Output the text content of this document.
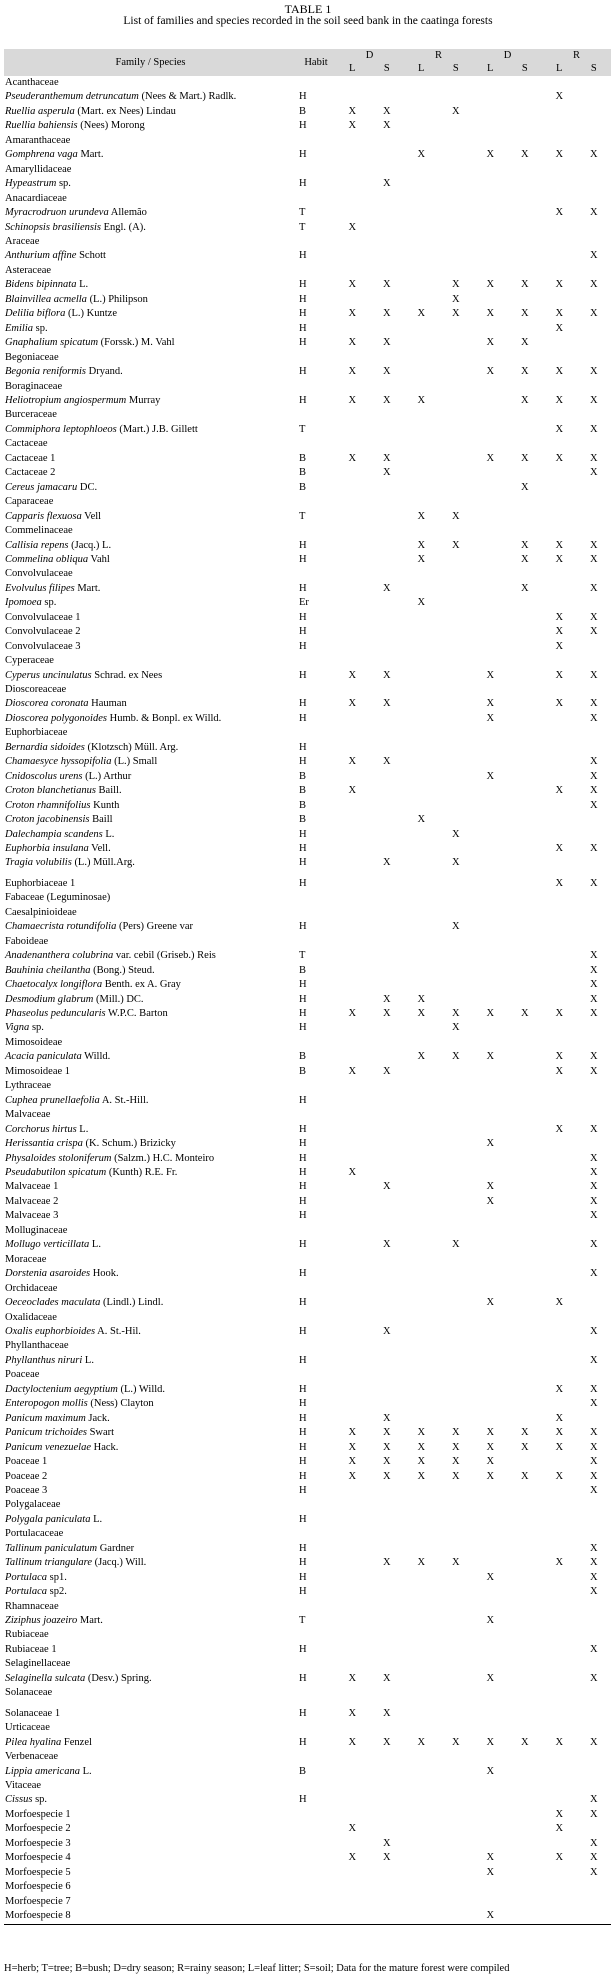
TABLE 1
List of families and species recorded in the soil seed bank in the caatinga forests
Family / Species	Habit	D		R		D		R	
		L	S	L	S	L	S	L	S
Acanthaceae									
Pseuderanthemum detruncatum (Nees & Mart.) Radlk.	H							X	
Ruellia asperula (Mart. ex Nees) Lindau	B	X	X		X				
Ruellia bahiensis (Nees) Morong	H	X	X						
Amaranthaceae									
Gomphrena vaga Mart.	H			X		X	X	X	X
Amaryllidaceae									
Hypeastrum sp.	H		X						
Anacardiaceae									
Myracrodruon urundeva Allemão	T							X	X
Schinopsis brasiliensis Engl. (A).	T	X							
Araceae									
Anthurium affine Schott	H								X
Asteraceae									
Bidens bipinnata L.	H	X	X		X	X	X	X	X
Blainvillea acmella (L.) Philipson	H				X				
Delilia biflora (L.) Kuntze	H	X	X	X	X	X	X	X	X
Emilia sp.	H							X	
Gnaphalium spicatum (Forssk.) M. Vahl	H	X	X			X	X		
Begoniaceae									
Begonia reniformis Dryand.	H	X	X			X	X	X	X
Boraginaceae									
Heliotropium angiospermum Murray	H	X	X	X			X	X	X
Burceraceae									
Commiphora leptophloeos (Mart.) J.B. Gillett	T							X	X
Cactaceae									
Cactaceae 1	B	X	X			X	X	X	X
Cactaceae 2	B		X						X
Cereus jamacaru DC.	B						X		
Caparaceae									
Capparis flexuosa Vell	T			X	X				
Commelinaceae									
Callisia repens (Jacq.) L.	H			X	X		X	X	X
Commelina obliqua Vahl	H			X			X	X	X
Convolvulaceae									
Evolvulus filipes Mart.	H		X				X		X
Ipomoea sp.	Er			X					
Convolvulaceae 1	H							X	X
Convolvulaceae 2	H							X	X
Convolvulaceae 3	H							X	
Cyperaceae									
Cyperus uncinulatus Schrad. ex Nees	H	X	X			X		X	X
Dioscoreaceae									
Dioscorea coronata Hauman	H	X	X			X		X	X
Dioscorea polygonoides Humb. & Bonpl. ex Willd.	H					X			X
Euphorbiaceae									
Bernardia sidoides (Klotzsch) Müll. Arg.	H								
Chamaesyce hyssopifolia (L.) Small	H	X	X						X
Cnidoscolus urens (L.) Arthur	B					X			X
Croton blanchetianus Baill.	B	X						X	X
Croton rhamnifolius Kunth	B								X
Croton jacobinensis Baill	B			X					
Dalechampia scandens L.	H				X				
Euphorbia insulana Vell.	H							X	X
Tragia volubilis (L.) Müll.Arg.	H		X		X				

Euphorbiaceae 1	H							X	X
Fabaceae (Leguminosae)									
Caesalpinioideae									
Chamaecrista rotundifolia (Pers) Greene var	H				X				
Faboideae									
Anadenanthera colubrina var. cebil (Griseb.) Reis	T								X
Bauhinia cheilantha (Bong.) Steud.	B								X
Chaetocalyx longiflora Benth. ex A. Gray	H								X
Desmodium glabrum (Mill.) DC.	H		X	X					X
Phaseolus peduncularis W.P.C. Barton	H	X	X	X	X	X	X	X	X
Vigna sp.	H				X				
Mimosoideae									
Acacia paniculata Willd.	B			X	X	X		X	X
Mimosoideae 1	B	X	X					X	X
Lythraceae									
Cuphea prunellaefolia A. St.-Hill.	H								
Malvaceae									
Corchorus hirtus L.	H							X	X
Herissantia crispa (K. Schum.) Brizicky	H					X			
Physaloides stoloniferum (Salzm.) H.C. Monteiro	H								X
Pseudabutilon spicatum (Kunth) R.E. Fr.	H	X							X
Malvaceae 1	H		X			X			X
Malvaceae 2	H					X			X
Malvaceae 3	H								X
Molluginaceae									
Mollugo verticillata L.	H		X		X				X
Moraceae									
Dorstenia asaroides Hook.	H								X
Orchidaceae									
Oeceoclades maculata (Lindl.) Lindl.	H					X		X	
Oxalidaceae									
Oxalis euphorbioides A. St.-Hil.	H		X						X
Phyllanthaceae									
Phyllanthus niruri L.	H								X
Poaceae									
Dactyloctenium aegyptium (L.) Willd.	H							X	X
Enteropogon mollis (Ness) Clayton	H								X
Panicum maximum Jack.	H		X					X	
Panicum trichoides Swart	H	X	X	X	X	X	X	X	X
Panicum venezuelae Hack.	H	X	X	X	X	X	X	X	X
Poaceae 1	H	X	X	X	X	X			X
Poaceae 2	H	X	X	X	X	X	X	X	X
Poaceae 3	H								X
Polygalaceae									
Polygala paniculata L.	H								
Portulacaceae									
Tallinum paniculatum Gardner	H								X
Tallinum triangulare (Jacq.) Will.	H		X	X	X			X	X
Portulaca sp1.	H					X			X
Portulaca sp2.	H								X
Rhamnaceae									
Ziziphus joazeiro Mart.	T					X			
Rubiaceae									
Rubiaceae 1	H								X
Selaginellaceae									
Selaginella sulcata (Desv.) Spring.	H	X	X			X			X
Solanaceae									

Solanaceae 1	H	X	X						
Urticaceae									
Pilea hyalina Fenzel	H	X	X	X	X	X	X	X	X
Verbenaceae									
Lippia americana L.	B					X			
Vitaceae									
Cissus sp.	H								X
Morfoespecie 1								X	X
Morfoespecie 2		X						X	
Morfoespecie 3			X						X
Morfoespecie 4		X	X			X		X	X
Morfoespecie 5						X			X
Morfoespecie 6									
Morfoespecie 7									
Morfoespecie 8						X			
H=herb; T=tree; B=bush; D=dry season; R=rainy season; L=leaf litter; S=soil; Data for the mature forest were compiled
